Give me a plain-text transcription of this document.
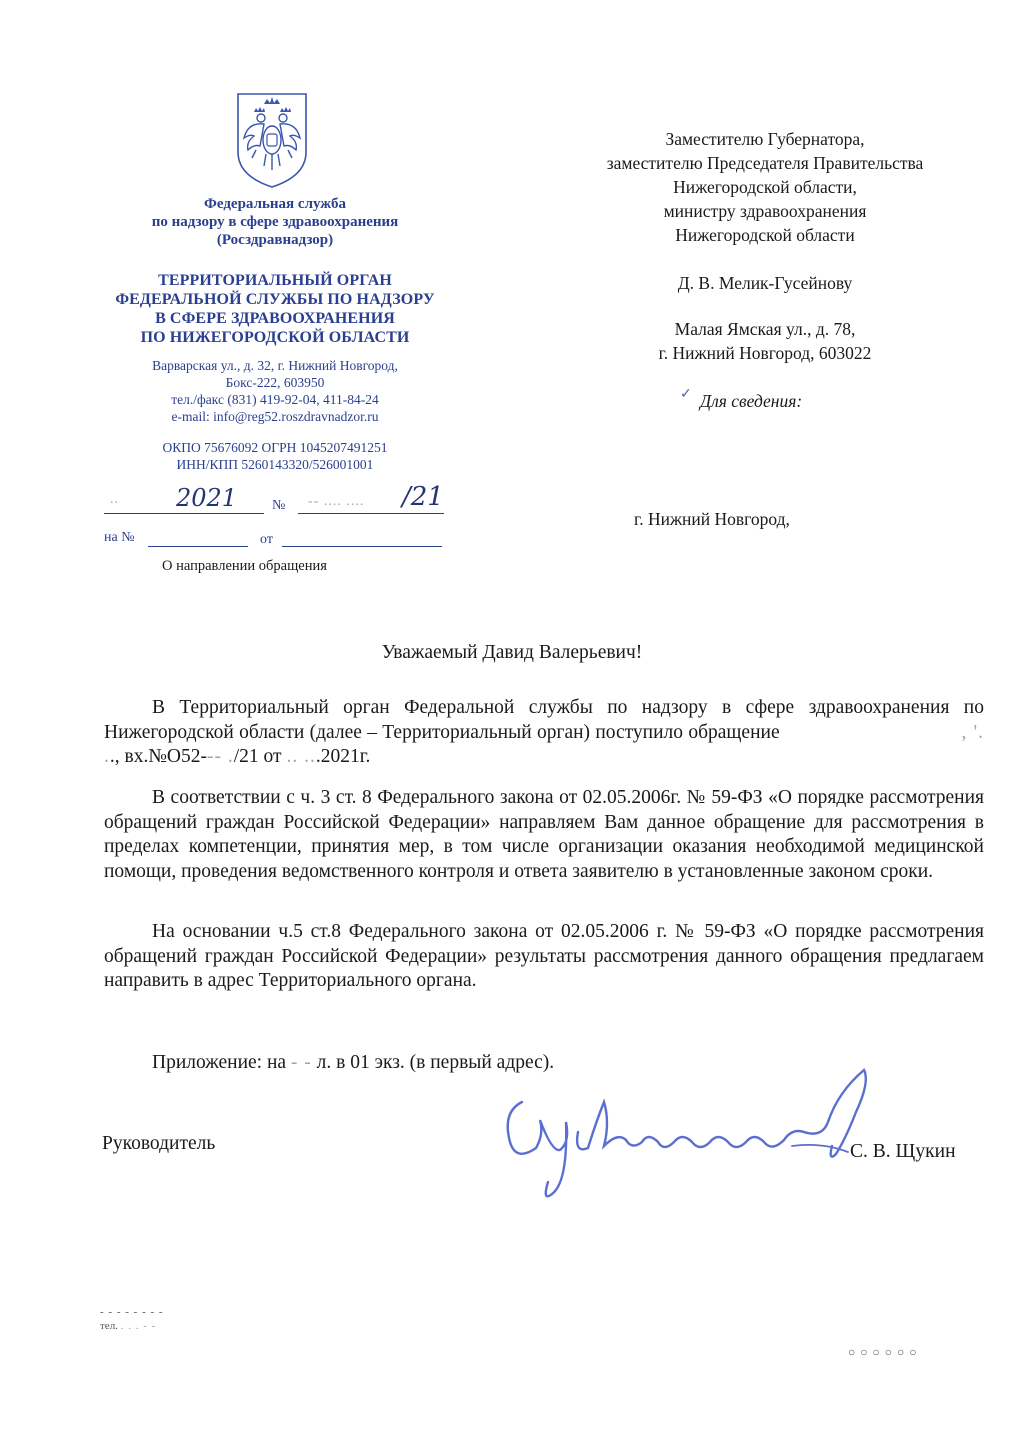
Федеральная служба
по надзору в сфере здравоохранения
(Росздравнадзор)
ТЕРРИТОРИАЛЬНЫЙ ОРГАН
ФЕДЕРАЛЬНОЙ СЛУЖБЫ ПО НАДЗОРУ
В СФЕРЕ ЗДРАВООХРАНЕНИЯ
ПО НИЖЕГОРОДСКОЙ ОБЛАСТИ
Варварская ул., д. 32, г. Нижний Новгород,
Бокс-222, 603950
тел./факс (831) 419-92-04, 411-84-24
e-mail: info@reg52.roszdravnadzor.ru
ОКПО 75676092 ОГРН 1045207491251
ИНН/КПП 5260143320/526001001
.. 2021 № -- .... .... /21
на №	от
О направлении обращения
Заместителю Губернатора,
заместителю Председателя Правительства
Нижегородской области,
министру здравоохранения
Нижегородской области
Д. В. Мелик-Гусейнову
Малая Ямская ул., д. 78,
г. Нижний Новгород, 603022
✓ Для сведения:
г. Нижний Новгород,
Уважаемый Давид Валерьевич!
В Территориальный орган Федеральной службы по надзору в сфере здравоохранения по Нижегородской области (далее – Территориальный орган) поступило обращение                             , '. .., вх.№О52--- ./21 от .. ...2021г.
В соответствии с ч. 3 ст. 8 Федерального закона от 02.05.2006г. № 59-ФЗ «О порядке рассмотрения обращений граждан Российской Федерации» направляем Вам данное обращение для рассмотрения в пределах компетенции, принятия мер, в том числе организации оказания необходимой медицинской помощи, проведения ведомственного контроля и ответа заявителю в установленные законом сроки.
На основании ч.5 ст.8 Федерального закона от 02.05.2006 г. № 59-ФЗ «О порядке рассмотрения обращений граждан Российской Федерации» результаты рассмотрения данного обращения предлагаем направить в адрес Территориального органа.
Приложение: на - - л. в 01 экз. (в первый адрес).
Руководитель	С. В. Щукин
- - - - - - - -
тел. . . . - -
○ ○ ○ ○ ○ ○
